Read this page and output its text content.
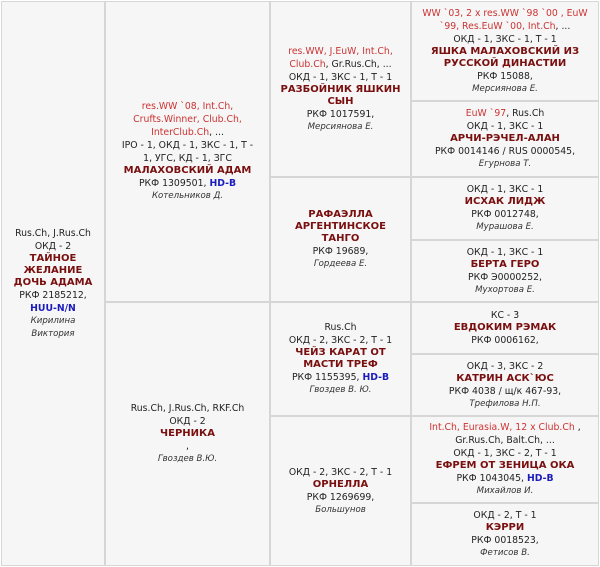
Rus.Ch, J.Rus.Ch
ОКД - 2
ТАЙНОЕ ЖЕЛАНИЕ ДОЧЬ АДАМА
РКФ 2185212,
HUU-N/N
Кирилина Виктория
res.WW `08, Int.Ch, Crufts.Winner, Club.Ch, InterClub.Ch, ...
IPO - 1, ОКД - 1, ЗКС - 1, Т - 1, УГС, КД - 1, ЗГС
МАЛАХОВСКИЙ АДАМ
РКФ 1309501, HD-B
Котельников Д.
Rus.Ch, J.Rus.Ch, RKF.Ch
ОКД - 2
ЧЕРНИКА
,
Гвоздев В.Ю.
res.WW, J.EuW, Int.Ch, Club.Ch, Gr.Rus.Ch, ...
ОКД - 1, ЗКС - 1, Т - 1
РАЗБОЙНИК ЯШКИН СЫН
РКФ 1017591,
Мерсиянова Е.
РАФАЭЛЛА АРГЕНТИНСКОЕ ТАНГО
РКФ 19689,
Гордеева Е.
Rus.Ch
ОКД - 2, ЗКС - 2, Т - 1
ЧЕЙЗ КАРАТ ОТ МАСТИ ТРЕФ
РКФ 1155395, HD-B
Гвоздев В. Ю.
ОКД - 2, ЗКС - 2, Т - 1
ОРНЕЛЛА
РКФ 1269699,
Большунов
WW `03, 2 x res.WW `98 `00 , EuW `99, Res.EuW `00, Int.Ch, ...
ОКД - 1, ЗКС - 1, Т - 1
ЯШКА МАЛАХОВСКИЙ ИЗ РУССКОЙ ДИНАСТИИ
РКФ 15088,
Мерсиянова Е.
EuW `97, Rus.Ch
ОКД - 1, ЗКС - 1
АРЧИ-РЭЧЕЛ-АЛАН
РКФ 0014146 / RUS 0000545,
Егурнова Т.
ОКД - 1, ЗКС - 1
ИСХАК ЛИДЖ
РКФ 0012748,
Мурашова Е.
ОКД - 1, ЗКС - 1
БЕРТА ГЕРО
РКФ Э0000252,
Мухортова Е.
КС - 3
ЕВДОКИМ РЭМАК
РКФ 0006162,
ОКД - 3, ЗКС - 2
КАТРИН АСК`ЮС
РКФ 4038 / щ/к 467-93,
Трефилова Н.П.
Int.Ch, Eurasia.W, 12 x Club.Ch , Gr.Rus.Ch, Balt.Ch, ...
ОКД - 1, ЗКС - 2, Т - 1
ЕФРЕМ ОТ ЗЕНИЦА ОКА
РКФ 1043045, HD-B
Михайлов И.
ОКД - 2, Т - 1
КЭРРИ
РКФ 0018523,
Фетисов В.
